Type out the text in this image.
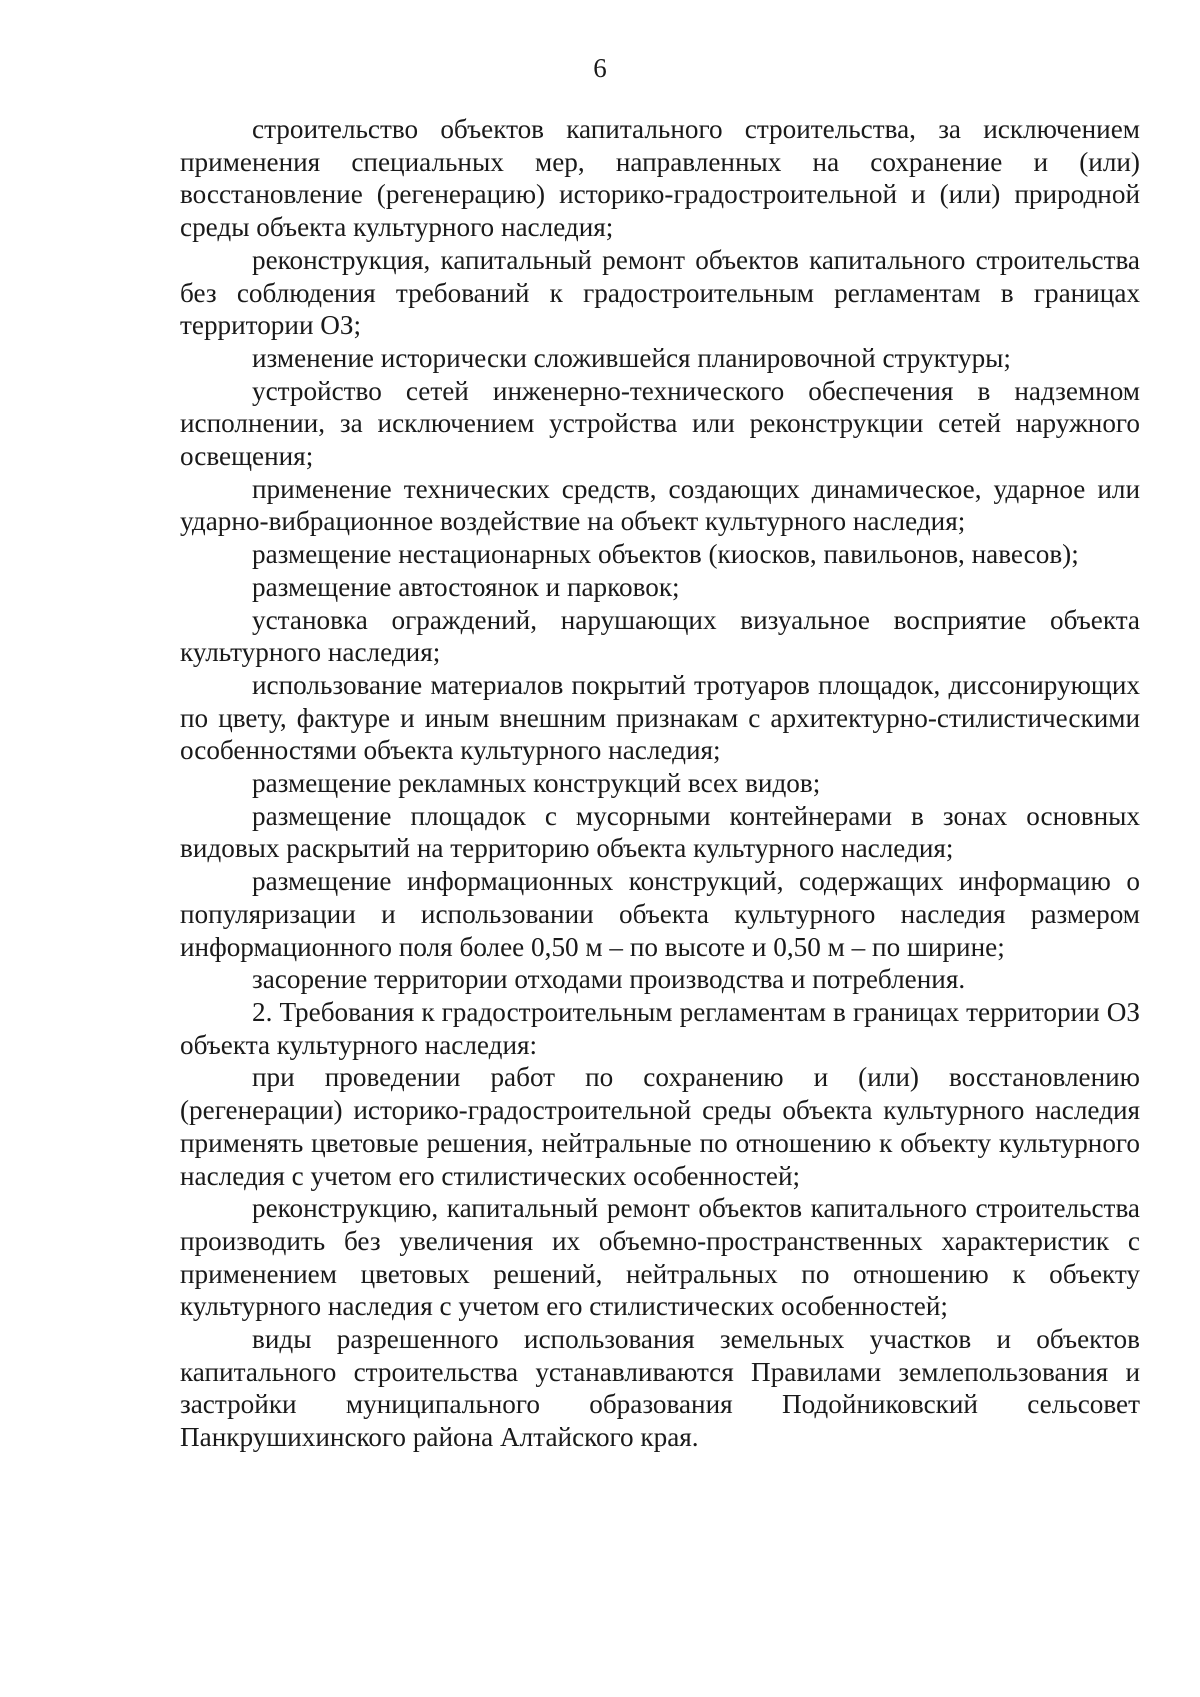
6

строительство объектов капитального строительства, за исключением применения специальных мер, направленных на сохранение и (или) восстановление (регенерацию) историко-градостроительной и (или) природной среды объекта культурного наследия;

реконструкция, капитальный ремонт объектов капитального строительства без соблюдения требований к градостроительным регламентам в границах территории ОЗ;

изменение исторически сложившейся планировочной структуры;

устройство сетей инженерно-технического обеспечения в надземном исполнении, за исключением устройства или реконструкции сетей наружного освещения;

применение технических средств, создающих динамическое, ударное или ударно-вибрационное воздействие на объект культурного наследия;

размещение нестационарных объектов (киосков, павильонов, навесов);

размещение автостоянок и парковок;

установка ограждений, нарушающих визуальное восприятие объекта культурного наследия;

использование материалов покрытий тротуаров площадок, диссонирующих по цвету, фактуре и иным внешним признакам с архитектурно-стилистическими особенностями объекта культурного наследия;

размещение рекламных конструкций всех видов;

размещение площадок с мусорными контейнерами в зонах основных видовых раскрытий на территорию объекта культурного наследия;

размещение информационных конструкций, содержащих информацию о популяризации и использовании объекта культурного наследия размером информационного поля более 0,50 м – по высоте и 0,50 м – по ширине;

засорение территории отходами производства и потребления.

2. Требования к градостроительным регламентам в границах территории ОЗ объекта культурного наследия:

при проведении работ по сохранению и (или) восстановлению (регенерации) историко-градостроительной среды объекта культурного наследия применять цветовые решения, нейтральные по отношению к объекту культурного наследия с учетом его стилистических особенностей;

реконструкцию, капитальный ремонт объектов капитального строительства производить без увеличения их объемно-пространственных характеристик с применением цветовых решений, нейтральных по отношению к объекту культурного наследия с учетом его стилистических особенностей;

виды разрешенного использования земельных участков и объектов капитального строительства устанавливаются Правилами землепользования и застройки муниципального образования Подойниковский сельсовет Панкрушихинского района Алтайского края.
